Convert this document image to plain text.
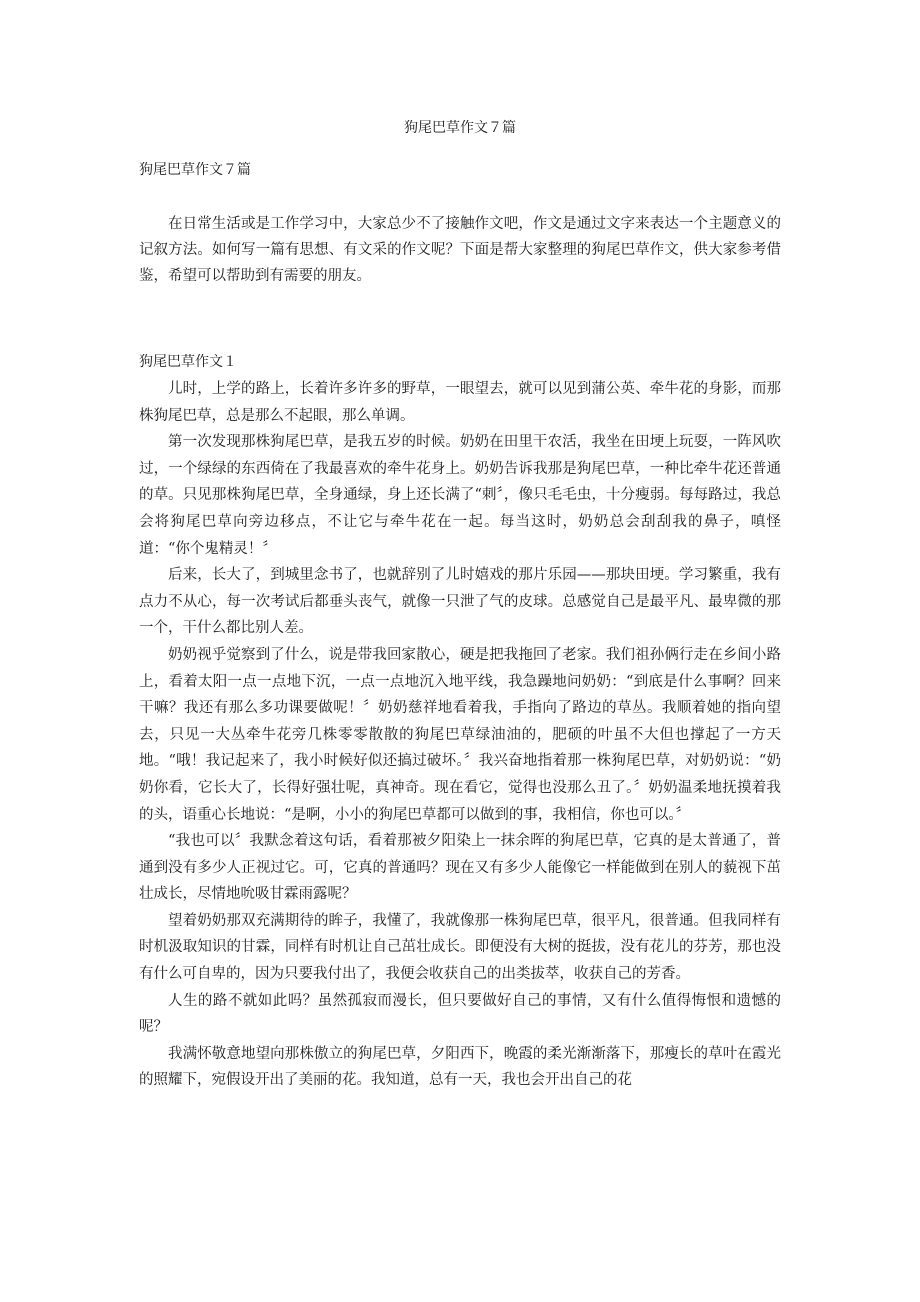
狗尾巴草作文７篇
狗尾巴草作文７篇

在日常生活或是工作学习中，大家总少不了接触作文吧，作文是通过文字来表达一个主题意义的记叙方法。如何写一篇有思想、有文采的作文呢？下面是帮大家整理的狗尾巴草作文，供大家参考借鉴，希望可以帮助到有需要的朋友。

狗尾巴草作文１

儿时，上学的路上，长着许多许多的野草，一眼望去，就可以见到蒲公英、牵牛花的身影，而那株狗尾巴草，总是那么不起眼，那么单调。

第一次发现那株狗尾巴草，是我五岁的时候。奶奶在田里干农活，我坐在田埂上玩耍，一阵风吹过，一个绿绿的东西倚在了我最喜欢的牵牛花身上。奶奶告诉我那是狗尾巴草，一种比牵牛花还普通的草。只见那株狗尾巴草，全身通绿，身上还长满了“刺〞，像只毛毛虫，十分瘦弱。每每路过，我总会将狗尾巴草向旁边移点，不让它与牵牛花在一起。每当这时，奶奶总会刮刮我的鼻子，嗔怪道：“你个鬼精灵！〞

后来，长大了，到城里念书了，也就辞别了儿时嬉戏的那片乐园——那块田埂。学习繁重，我有点力不从心，每一次考试后都垂头丧气，就像一只泄了气的皮球。总感觉自己是最平凡、最卑微的那一个，干什么都比别人差。

奶奶视乎觉察到了什么，说是带我回家散心，硬是把我拖回了老家。我们祖孙俩行走在乡间小路上，看着太阳一点一点地下沉，一点一点地沉入地平线，我急躁地问奶奶：“到底是什么事啊？回来干嘛？我还有那么多功课要做呢！〞奶奶慈祥地看着我，手指向了路边的草丛。我顺着她的指向望去，只见一大丛牵牛花旁几株零零散散的狗尾巴草绿油油的，肥硕的叶虽不大但也撑起了一方天地。“哦！我记起来了，我小时候好似还搞过破坏。〞我兴奋地指着那一株狗尾巴草，对奶奶说：“奶奶你看，它长大了，长得好强壮呢，真神奇。现在看它，觉得也没那么丑了。〞奶奶温柔地抚摸着我的头，语重心长地说：“是啊，小小的狗尾巴草都可以做到的事，我相信，你也可以。〞

“我也可以〞我默念着这句话，看着那被夕阳染上一抹余晖的狗尾巴草，它真的是太普通了，普通到没有多少人正视过它。可，它真的普通吗？现在又有多少人能像它一样能做到在别人的藐视下茁壮成长，尽情地吮吸甘霖雨露呢？

望着奶奶那双充满期待的眸子，我懂了，我就像那一株狗尾巴草，很平凡，很普通。但我同样有时机汲取知识的甘霖，同样有时机让自己茁壮成长。即便没有大树的挺拔，没有花儿的芬芳，那也没有什么可自卑的，因为只要我付出了，我便会收获自己的出类拔萃，收获自己的芳香。

人生的路不就如此吗？虽然孤寂而漫长，但只要做好自己的事情，又有什么值得悔恨和遗憾的呢？

我满怀敬意地望向那株傲立的狗尾巴草，夕阳西下，晚霞的柔光渐渐落下，那瘦长的草叶在霞光的照耀下，宛假设开出了美丽的花。我知道，总有一天，我也会开出自己的花
